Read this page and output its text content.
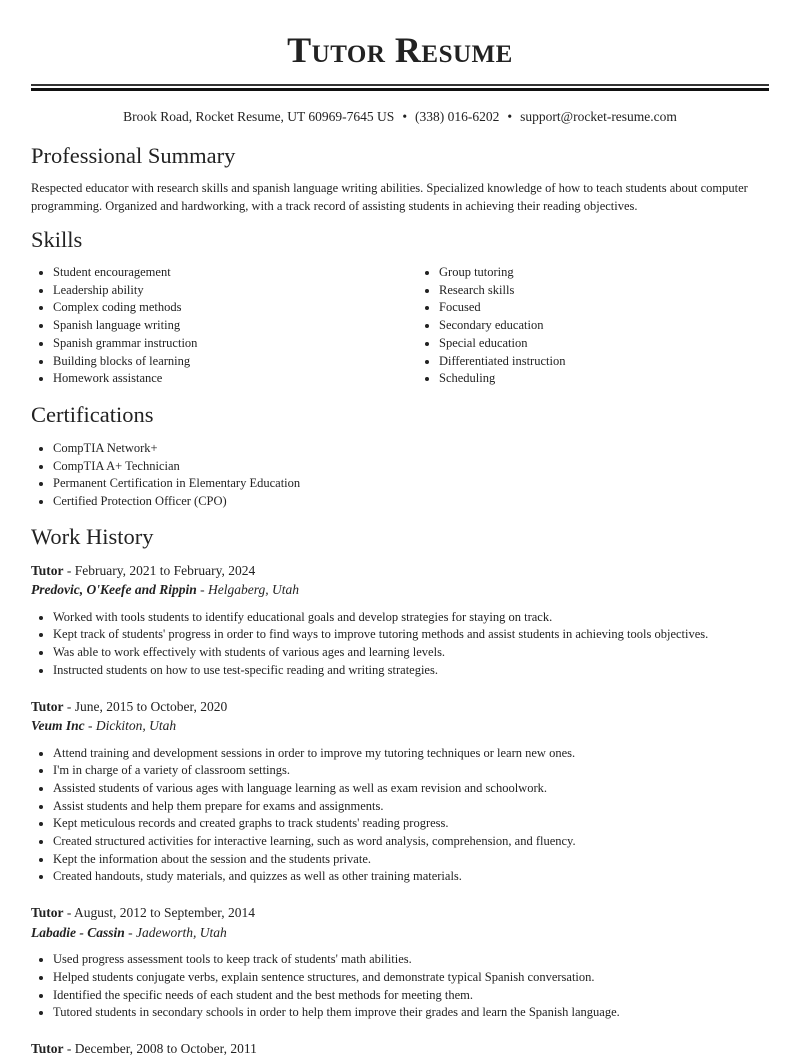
Tutor Resume
Brook Road, Rocket Resume, UT 60969-7645 US • (338) 016-6202 • support@rocket-resume.com
Professional Summary

Respected educator with research skills and spanish language writing abilities. Specialized knowledge of how to teach students about computer programming. Organized and hardworking, with a track record of assisting students in achieving their reading objectives.

Skills
• Student encouragement
• Leadership ability
• Complex coding methods
• Spanish language writing
• Spanish grammar instruction
• Building blocks of learning
• Homework assistance
• Group tutoring
• Research skills
• Focused
• Secondary education
• Special education
• Differentiated instruction
• Scheduling
Certifications
• CompTIA Network+
• CompTIA A+ Technician
• Permanent Certification in Elementary Education
• Certified Protection Officer (CPO)
Work History
Tutor - February, 2021 to February, 2024
Predovic, O'Keefe and Rippin - Helgaberg, Utah
• Worked with tools students to identify educational goals and develop strategies for staying on track.
• Kept track of students' progress in order to find ways to improve tutoring methods and assist students in achieving tools objectives.
• Was able to work effectively with students of various ages and learning levels.
• Instructed students on how to use test-specific reading and writing strategies.
Tutor - June, 2015 to October, 2020
Veum Inc - Dickiton, Utah
• Attend training and development sessions in order to improve my tutoring techniques or learn new ones.
• I'm in charge of a variety of classroom settings.
• Assisted students of various ages with language learning as well as exam revision and schoolwork.
• Assist students and help them prepare for exams and assignments.
• Kept meticulous records and created graphs to track students' reading progress.
• Created structured activities for interactive learning, such as word analysis, comprehension, and fluency.
• Kept the information about the session and the students private.
• Created handouts, study materials, and quizzes as well as other training materials.
Tutor - August, 2012 to September, 2014
Labadie - Cassin - Jadeworth, Utah
• Used progress assessment tools to keep track of students' math abilities.
• Helped students conjugate verbs, explain sentence structures, and demonstrate typical Spanish conversation.
• Identified the specific needs of each student and the best methods for meeting them.
• Tutored students in secondary schools in order to help them improve their grades and learn the Spanish language.
Tutor - December, 2008 to October, 2011
